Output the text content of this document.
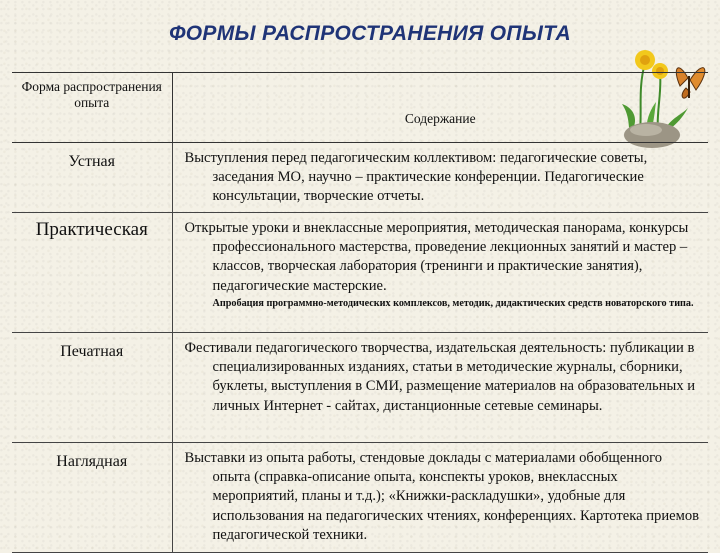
ФОРМЫ РАСПРОСТРАНЕНИЯ ОПЫТА
Форма распространения опыта	Содержание
Устная	Выступления перед педагогическим коллективом: педагогические советы, заседания МО, научно – практические конференции. Педагогические консультации, творческие отчеты.

Практическая	Открытые уроки и внеклассные мероприятия, методическая панорама, конкурсы профессионального мастерства, проведение лекционных занятий и мастер – классов, творческая лаборатория (тренинги и практические занятия), педагогические мастерские.

Апробация программно-методических комплексов, методик, дидактических средств новаторского типа.

Печатная	Фестивали педагогического творчества, издательская деятельность: публикации в специализированных изданиях, статьи в методические журналы, сборники, буклеты, выступления в СМИ, размещение материалов на образовательных и личных Интернет - сайтах, дистанционные сетевые семинары.

Наглядная	Выставки из опыта работы, стендовые доклады с материалами обобщенного опыта (справка-описание опыта, конспекты уроков, внеклассных мероприятий, планы и т.д.); «Книжки-раскладушки», удобные для использования на педагогических чтениях, конференциях. Картотека приемов педагогической техники.
